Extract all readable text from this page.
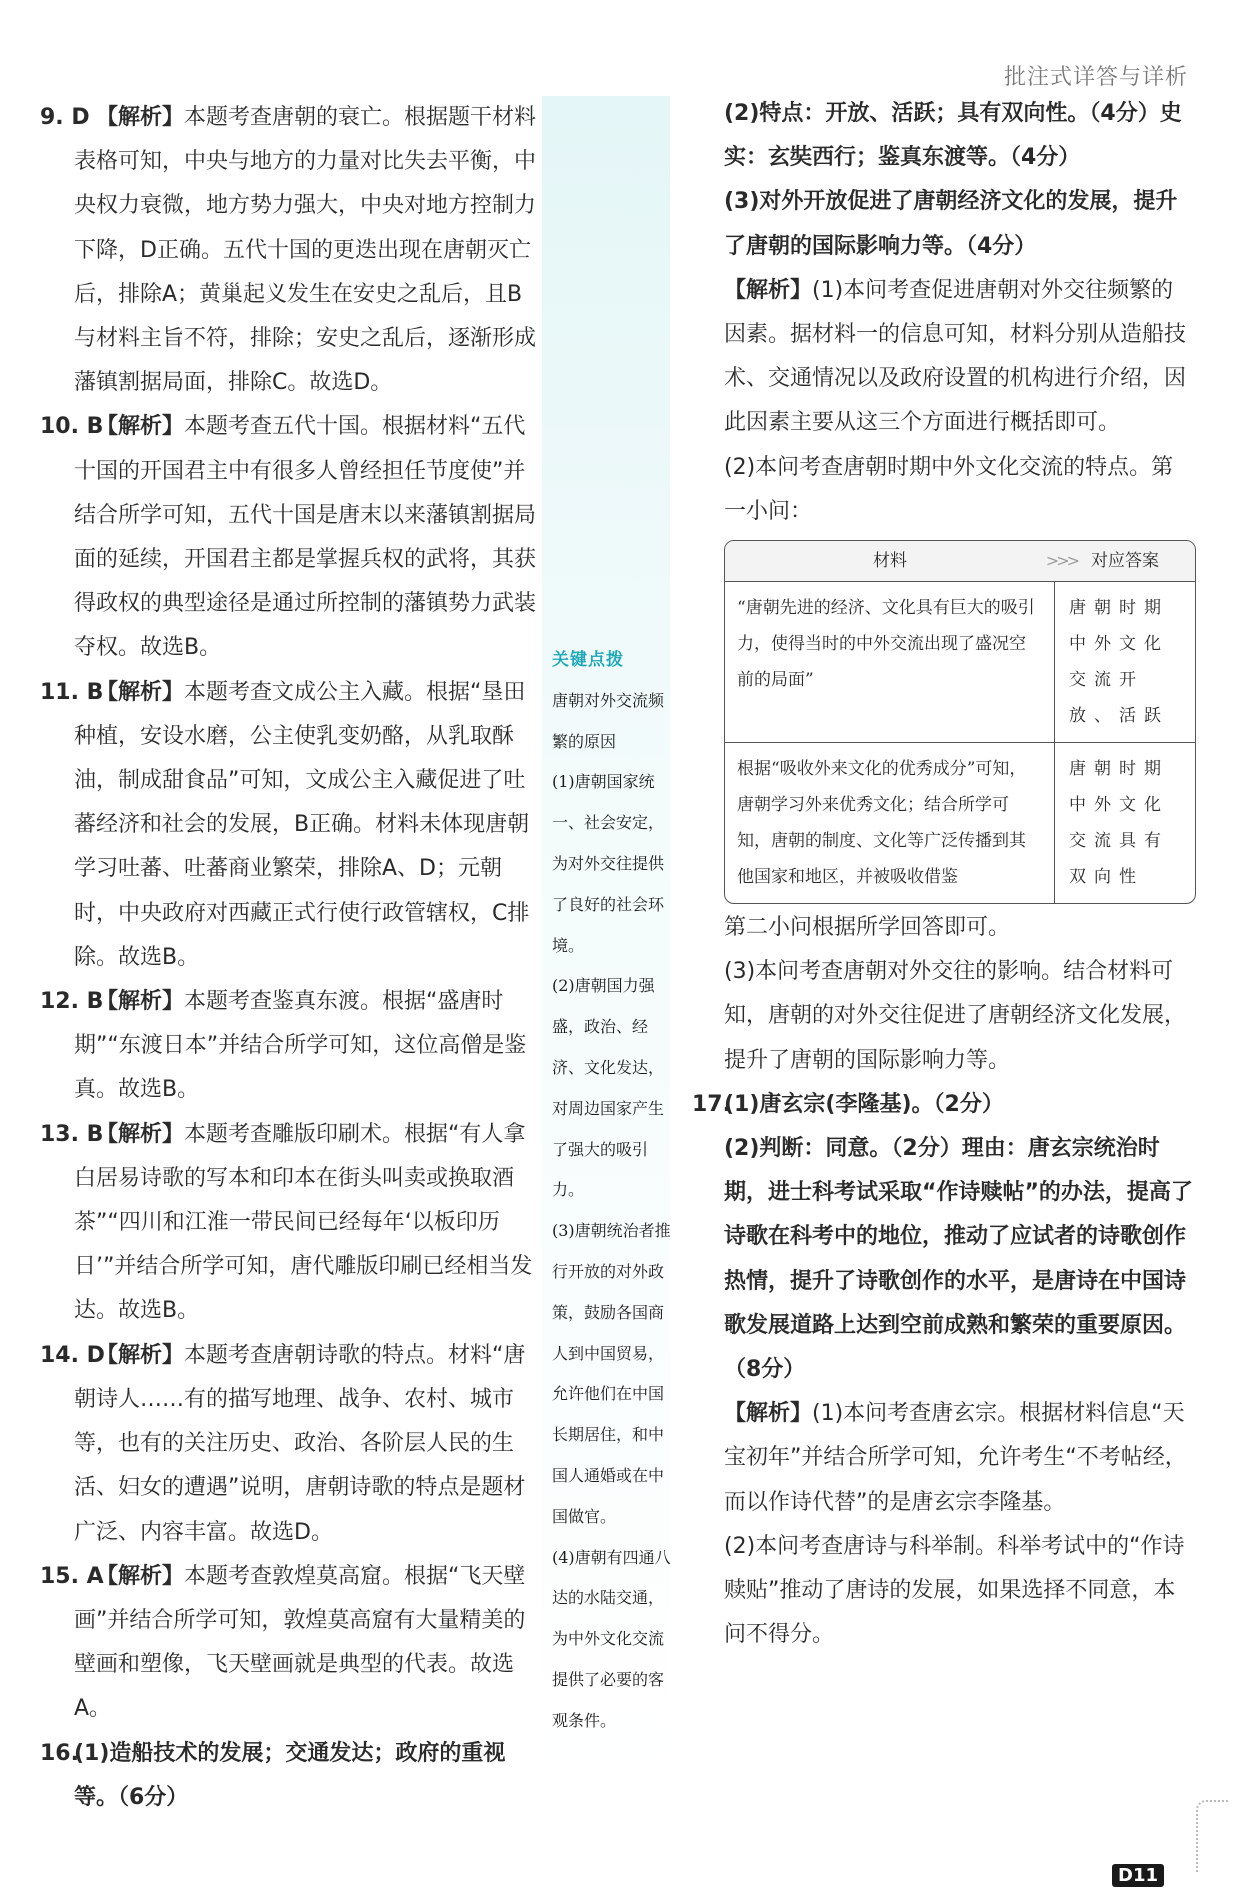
批注式详答与详析
9. D 【解析】本题考查唐朝的衰亡。根据题干材料表格可知，中央与地方的力量对比失去平衡，中央权力衰微，地方势力强大，中央对地方控制力下降，D正确。五代十国的更迭出现在唐朝灭亡后，排除A；黄巢起义发生在安史之乱后，且B与材料主旨不符，排除；安史之乱后，逐渐形成藩镇割据局面，排除C。故选D。
10. B
【解析】本题考查五代十国。根据材料“五代十国的开国君主中有很多人曾经担任节度使”并结合所学可知，五代十国是唐末以来藩镇割据局面的延续，开国君主都是掌握兵权的武将，其获得政权的典型途径是通过所控制的藩镇势力武装夺权。故选B。
11. B
【解析】本题考查文成公主入藏。根据“垦田种植，安设水磨，公主使乳变奶酪，从乳取酥油，制成甜食品”可知，文成公主入藏促进了吐蕃经济和社会的发展，B正确。材料未体现唐朝学习吐蕃、吐蕃商业繁荣，排除A、D；元朝时，中央政府对西藏正式行使行政管辖权，C排除。故选B。
12. B
【解析】本题考查鉴真东渡。根据“盛唐时期”“东渡日本”并结合所学可知，这位高僧是鉴真。故选B。
13. B
【解析】本题考查雕版印刷术。根据“有人拿白居易诗歌的写本和印本在街头叫卖或换取酒茶”“四川和江淮一带民间已经每年‘以板印历日’”并结合所学可知，唐代雕版印刷已经相当发达。故选B。
14. D
【解析】本题考查唐朝诗歌的特点。材料“唐朝诗人……有的描写地理、战争、农村、城市等，也有的关注历史、政治、各阶层人民的生活、妇女的遭遇”说明，唐朝诗歌的特点是题材广泛、内容丰富。故选D。
15. A
【解析】本题考查敦煌莫高窟。根据“飞天壁画”并结合所学可知，敦煌莫高窟有大量精美的壁画和塑像，飞天壁画就是典型的代表。故选A。
16.
(1)造船技术的发展；交通发达；政府的重视等。（6分）
关键点拨
唐朝对外交流频繁的原因
(1)唐朝国家统一、社会安定，为对外交往提供了良好的社会环境。
(2)唐朝国力强盛，政治、经济、文化发达，对周边国家产生了强大的吸引力。
(3)唐朝统治者推行开放的对外政策，鼓励各国商人到中国贸易，允许他们在中国长期居住，和中国人通婚或在中国做官。
(4)唐朝有四通八达的水陆交通，为中外文化交流提供了必要的客观条件。

(2)特点：开放、活跃；具有双向性。（4分）史实：玄奘西行；鉴真东渡等。（4分）

(3)对外开放促进了唐朝经济文化的发展，提升了唐朝的国际影响力等。（4分）

【解析】(1)本问考查促进唐朝对外交往频繁的因素。据材料一的信息可知，材料分别从造船技术、交通情况以及政府设置的机构进行介绍，因此因素主要从这三个方面进行概括即可。

(2)本问考查唐朝时期中外文化交流的特点。第一小问：

材料	>>> 对应答案
“唐朝先进的经济、文化具有巨大的吸引力，使得当时的中外交流出现了盛况空前的局面”
唐朝时期中外文化交流开放、活跃
根据“吸收外来文化的优秀成分”可知，唐朝学习外来优秀文化；结合所学可知，唐朝的制度、文化等广泛传播到其他国家和地区，并被吸收借鉴
唐朝时期中外文化交流具有双向性

第二小问根据所学回答即可。

(3)本问考查唐朝对外交往的影响。结合材料可知，唐朝的对外交往促进了唐朝经济文化发展，提升了唐朝的国际影响力等。

17.

(1)唐玄宗(李隆基)。（2分）

(2)判断：同意。（2分）理由：唐玄宗统治时期，进士科考试采取“作诗赎帖”的办法，提高了诗歌在科考中的地位，推动了应试者的诗歌创作热情，提升了诗歌创作的水平，是唐诗在中国诗歌发展道路上达到空前成熟和繁荣的重要原因。（8分）

【解析】(1)本问考查唐玄宗。根据材料信息“天宝初年”并结合所学可知，允许考生“不考帖经，而以作诗代替”的是唐玄宗李隆基。

(2)本问考查唐诗与科举制。科举考试中的“作诗赎贴”推动了唐诗的发展，如果选择不同意，本问不得分。

D11
